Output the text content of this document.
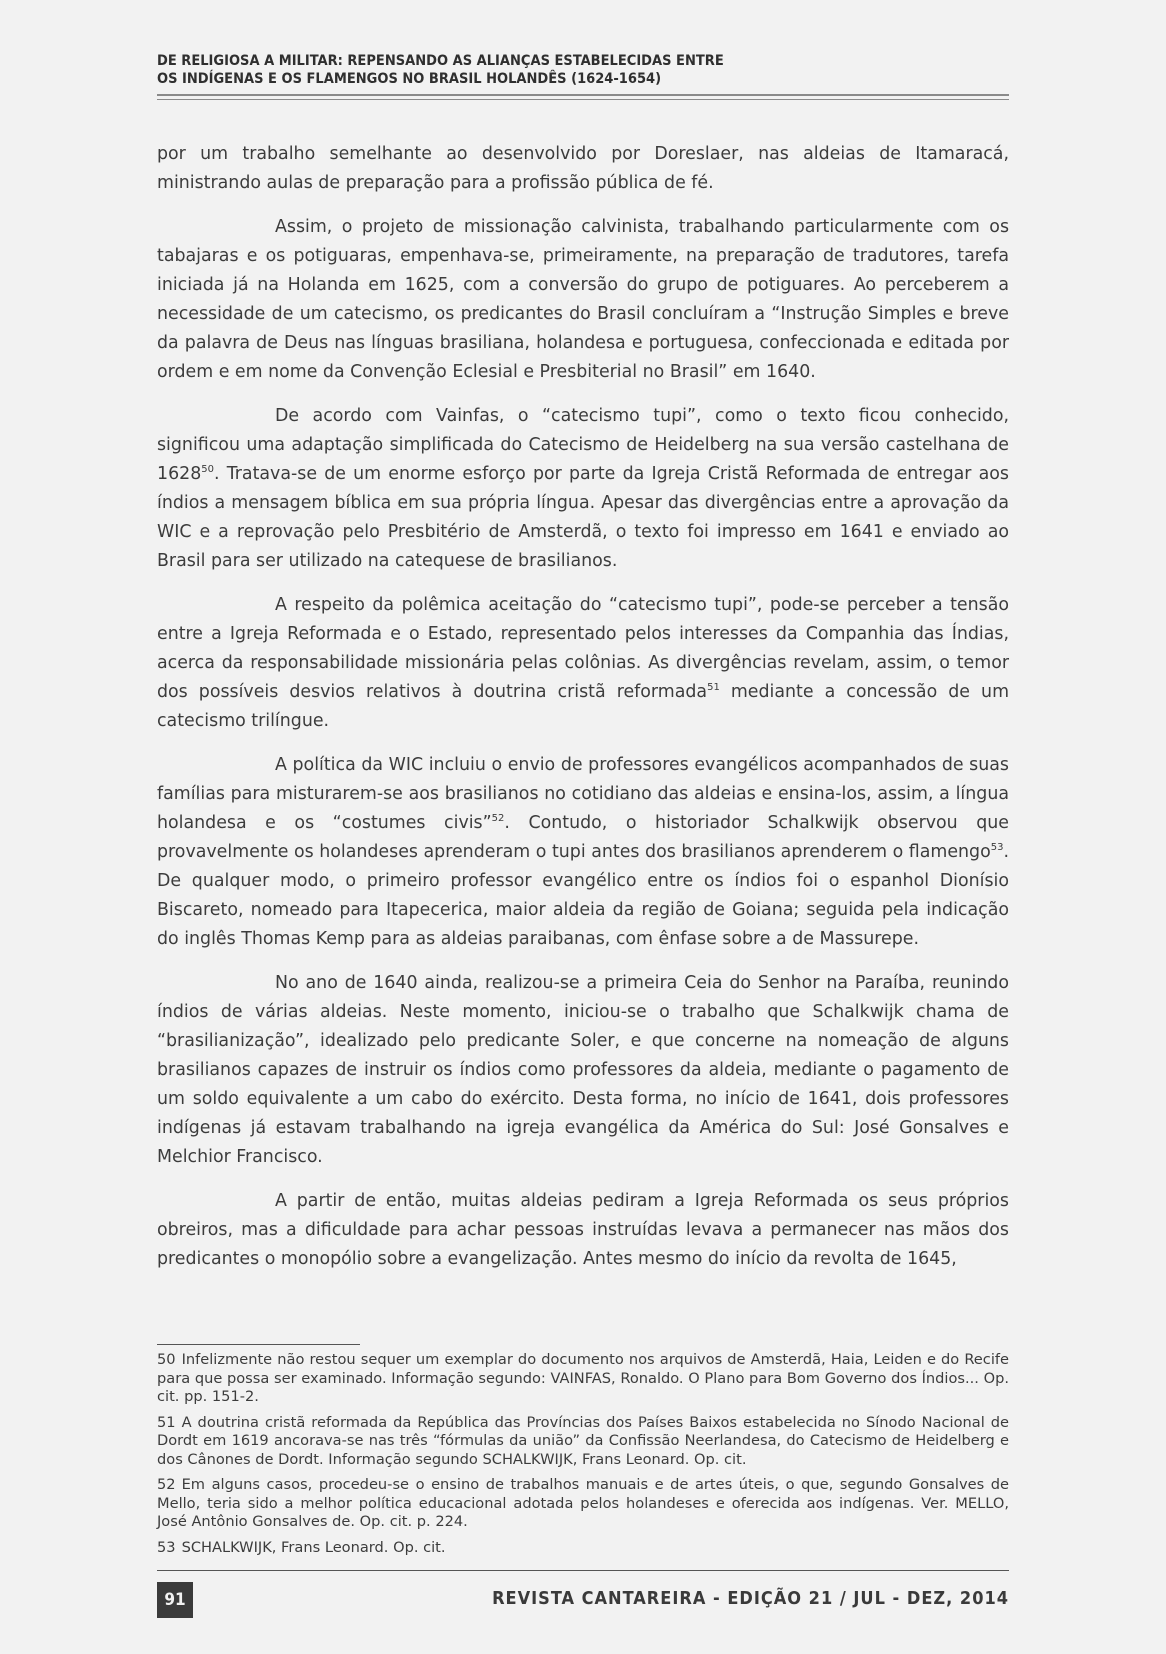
DE RELIGIOSA A MILITAR: REPENSANDO AS ALIANÇAS ESTABELECIDAS ENTRE
OS INDÍGENAS E OS FLAMENGOS NO BRASIL HOLANDÊS (1624-1654)

por um trabalho semelhante ao desenvolvido por Doreslaer, nas aldeias de Itamaracá, ministrando aulas de preparação para a profissão pública de fé.

Assim, o projeto de missionação calvinista, trabalhando particularmente com os tabajaras e os potiguaras, empenhava-se, primeiramente, na preparação de tradutores, tarefa iniciada já na Holanda em 1625, com a conversão do grupo de potiguares. Ao perceberem a necessidade de um catecismo, os predicantes do Brasil concluíram a “Instrução Simples e breve da palavra de Deus nas línguas brasiliana, holandesa e portuguesa, confeccionada e editada por ordem e em nome da Convenção Eclesial e Presbiterial no Brasil” em 1640.

De acordo com Vainfas, o “catecismo tupi”, como o texto ficou conhecido, significou uma adaptação simplificada do Catecismo de Heidelberg na sua versão castelhana de 1628$^{50}$. Tratava-se de um enorme esforço por parte da Igreja Cristã Reformada de entregar aos índios a mensagem bíblica em sua própria língua. Apesar das divergências entre a aprovação da WIC e a reprovação pelo Presbitério de Amsterdã, o texto foi impresso em 1641 e enviado ao Brasil para ser utilizado na catequese de brasilianos.

A respeito da polêmica aceitação do “catecismo tupi”, pode-se perceber a tensão entre a Igreja Reformada e o Estado, representado pelos interesses da Companhia das Índias, acerca da responsabilidade missionária pelas colônias. As divergências revelam, assim, o temor dos possíveis desvios relativos à doutrina cristã reformada$^{51}$ mediante a concessão de um catecismo trilíngue.

A política da WIC incluiu o envio de professores evangélicos acompanhados de suas famílias para misturarem-se aos brasilianos no cotidiano das aldeias e ensina-los, assim, a língua holandesa e os “costumes civis”$^{52}$. Contudo, o historiador Schalkwijk observou que provavelmente os holandeses aprenderam o tupi antes dos brasilianos aprenderem o flamengo$^{53}$. De qualquer modo, o primeiro professor evangélico entre os índios foi o espanhol Dionísio Biscareto, nomeado para Itapecerica, maior aldeia da região de Goiana; seguida pela indicação do inglês Thomas Kemp para as aldeias paraibanas, com ênfase sobre a de Massurepe.

No ano de 1640 ainda, realizou-se a primeira Ceia do Senhor na Paraíba, reunindo índios de várias aldeias. Neste momento, iniciou-se o trabalho que Schalkwijk chama de “brasilianização”, idealizado pelo predicante Soler, e que concerne na nomeação de alguns brasilianos capazes de instruir os índios como professores da aldeia, mediante o pagamento de um soldo equivalente a um cabo do exército. Desta forma, no início de 1641, dois professores indígenas já estavam trabalhando na igreja evangélica da América do Sul: José Gonsalves e Melchior Francisco.

A partir de então, muitas aldeias pediram a Igreja Reformada os seus próprios obreiros, mas a dificuldade para achar pessoas instruídas levava a permanecer nas mãos dos predicantes o monopólio sobre a evangelização. Antes mesmo do início da revolta de 1645,

50 Infelizmente não restou sequer um exemplar do documento nos arquivos de Amsterdã, Haia, Leiden e do Recife para que possa ser examinado. Informação segundo: VAINFAS, Ronaldo. O Plano para Bom Governo dos Índios... Op. cit. pp. 151-2.
51 A doutrina cristã reformada da República das Províncias dos Países Baixos estabelecida no Sínodo Nacional de Dordt em 1619 ancorava-se nas três “fórmulas da união” da Confissão Neerlandesa, do Catecismo de Heidelberg e dos Cânones de Dordt. Informação segundo SCHALKWIJK, Frans Leonard. Op. cit.
52 Em alguns casos, procedeu-se o ensino de trabalhos manuais e de artes úteis, o que, segundo Gonsalves de Mello, teria sido a melhor política educacional adotada pelos holandeses e oferecida aos indígenas. Ver. MELLO, José Antônio Gonsalves de. Op. cit. p. 224.
53 SCHALKWIJK, Frans Leonard. Op. cit.
91	REVISTA CANTAREIRA - EDIÇÃO 21 / JUL - DEZ, 2014
